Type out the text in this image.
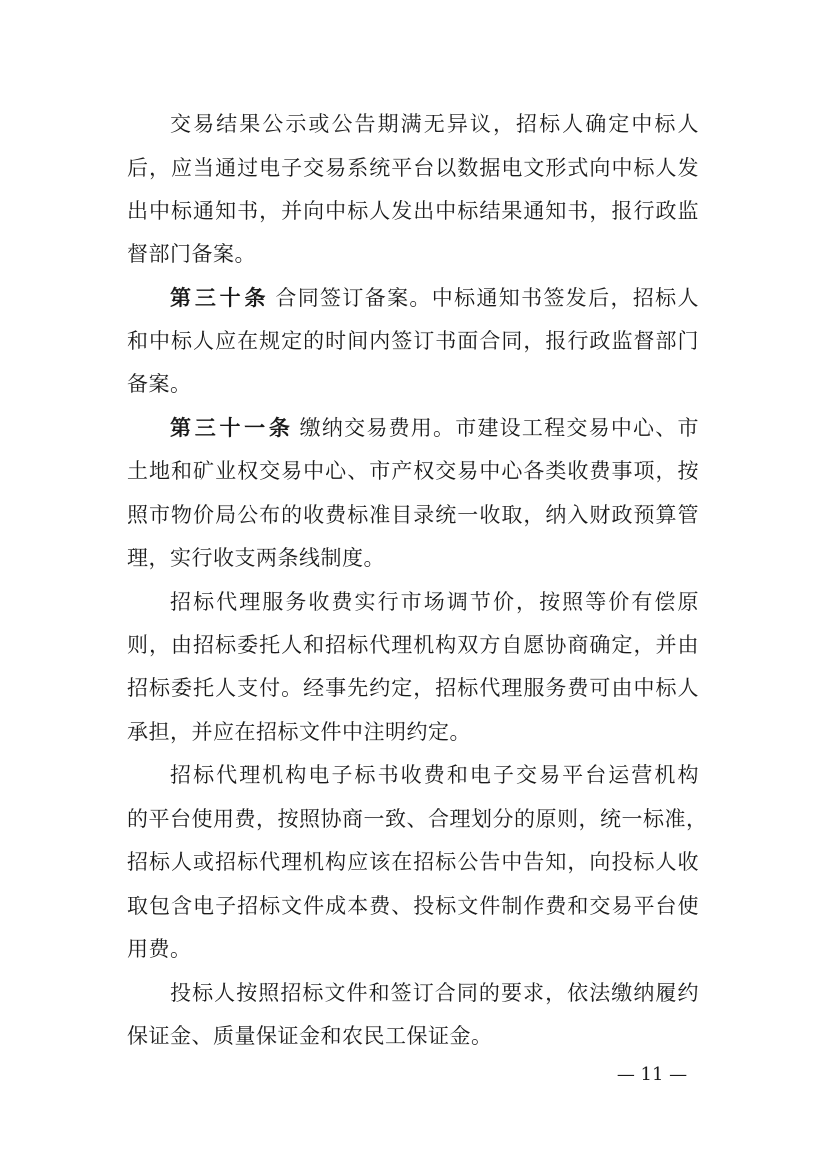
交易结果公示或公告期满无异议，招标人确定中标人
后，应当通过电子交易系统平台以数据电文形式向中标人发
出中标通知书，并向中标人发出中标结果通知书，报行政监
督部门备案。
第三十条 合同签订备案。中标通知书签发后，招标人
和中标人应在规定的时间内签订书面合同，报行政监督部门
备案。
第三十一条 缴纳交易费用。市建设工程交易中心、市
土地和矿业权交易中心、市产权交易中心各类收费事项，按
照市物价局公布的收费标准目录统一收取，纳入财政预算管
理，实行收支两条线制度。
招标代理服务收费实行市场调节价，按照等价有偿原
则，由招标委托人和招标代理机构双方自愿协商确定，并由
招标委托人支付。经事先约定，招标代理服务费可由中标人
承担，并应在招标文件中注明约定。
招标代理机构电子标书收费和电子交易平台运营机构
的平台使用费，按照协商一致、合理划分的原则，统一标准，
招标人或招标代理机构应该在招标公告中告知，向投标人收
取包含电子招标文件成本费、投标文件制作费和交易平台使
用费。
投标人按照招标文件和签订合同的要求，依法缴纳履约
保证金、质量保证金和农民工保证金。
— 11 —
